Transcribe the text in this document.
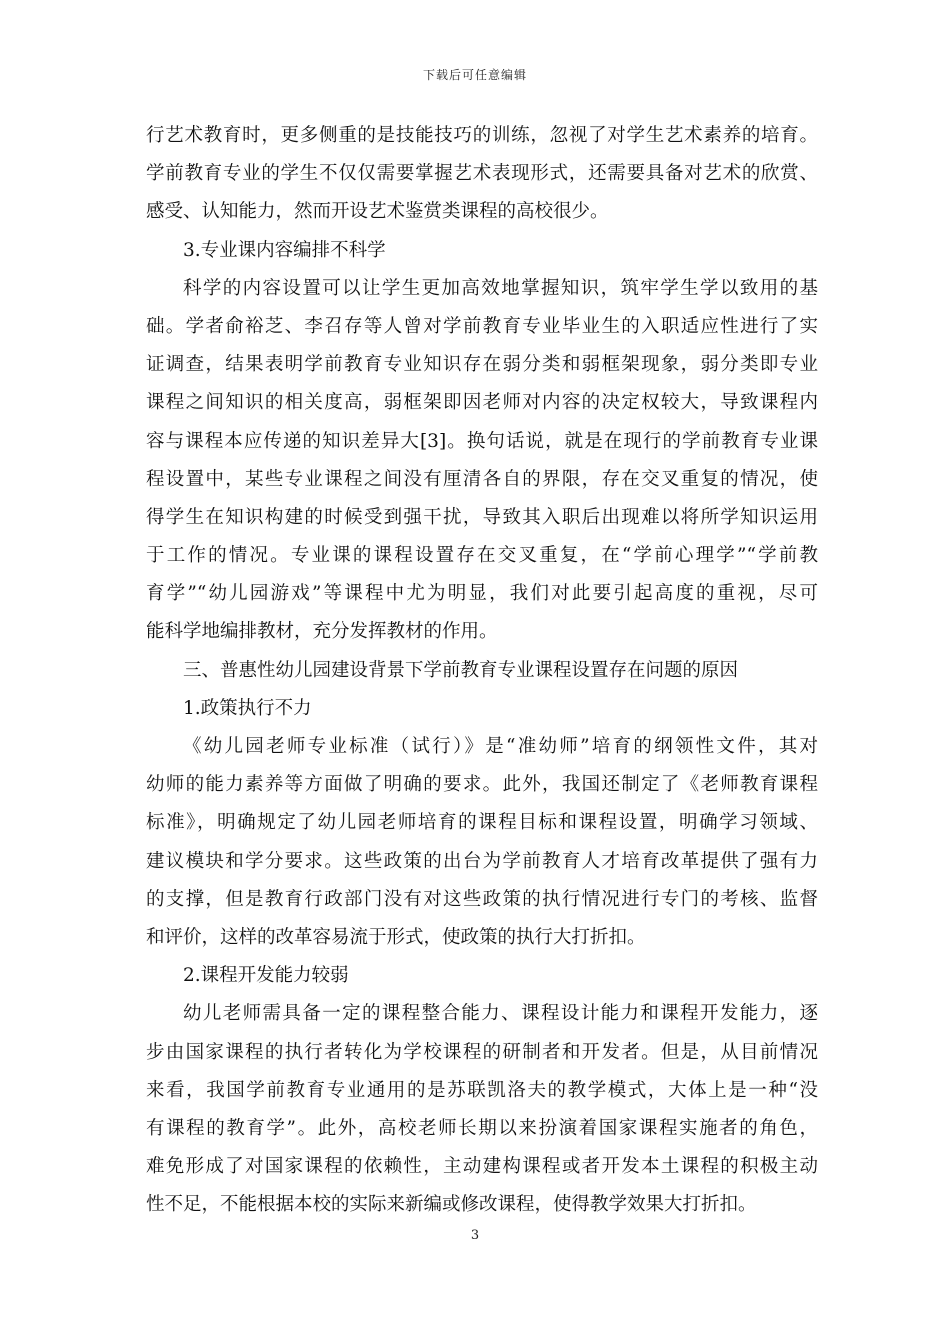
下载后可任意编辑
行艺术教育时，更多侧重的是技能技巧的训练，忽视了对学生艺术素养的培育。
学前教育专业的学生不仅仅需要掌握艺术表现形式，还需要具备对艺术的欣赏、
感受、认知能力，然而开设艺术鉴赏类课程的高校很少。
3.专业课内容编排不科学
科学的内容设置可以让学生更加高效地掌握知识，筑牢学生学以致用的基
础。学者俞裕芝、李召存等人曾对学前教育专业毕业生的入职适应性进行了实
证调查，结果表明学前教育专业知识存在弱分类和弱框架现象，弱分类即专业
课程之间知识的相关度高，弱框架即因老师对内容的决定权较大，导致课程内
容与课程本应传递的知识差异大[3]。换句话说，就是在现行的学前教育专业课
程设置中，某些专业课程之间没有厘清各自的界限，存在交叉重复的情况，使
得学生在知识构建的时候受到强干扰，导致其入职后出现难以将所学知识运用
于工作的情况。专业课的课程设置存在交叉重复，在“学前心理学”“学前教
育学”“幼儿园游戏”等课程中尤为明显，我们对此要引起高度的重视，尽可
能科学地编排教材，充分发挥教材的作用。
三、普惠性幼儿园建设背景下学前教育专业课程设置存在问题的原因
1.政策执行不力
《幼儿园老师专业标准（试行）》是“准幼师”培育的纲领性文件，其对
幼师的能力素养等方面做了明确的要求。此外，我国还制定了《老师教育课程
标准》，明确规定了幼儿园老师培育的课程目标和课程设置，明确学习领域、
建议模块和学分要求。这些政策的出台为学前教育人才培育改革提供了强有力
的支撑，但是教育行政部门没有对这些政策的执行情况进行专门的考核、监督
和评价，这样的改革容易流于形式，使政策的执行大打折扣。
2.课程开发能力较弱
幼儿老师需具备一定的课程整合能力、课程设计能力和课程开发能力，逐
步由国家课程的执行者转化为学校课程的研制者和开发者。但是，从目前情况
来看，我国学前教育专业通用的是苏联凯洛夫的教学模式，大体上是一种“没
有课程的教育学”。此外，高校老师长期以来扮演着国家课程实施者的角色，
难免形成了对国家课程的依赖性，主动建构课程或者开发本土课程的积极主动
性不足，不能根据本校的实际来新编或修改课程，使得教学效果大打折扣。
3
